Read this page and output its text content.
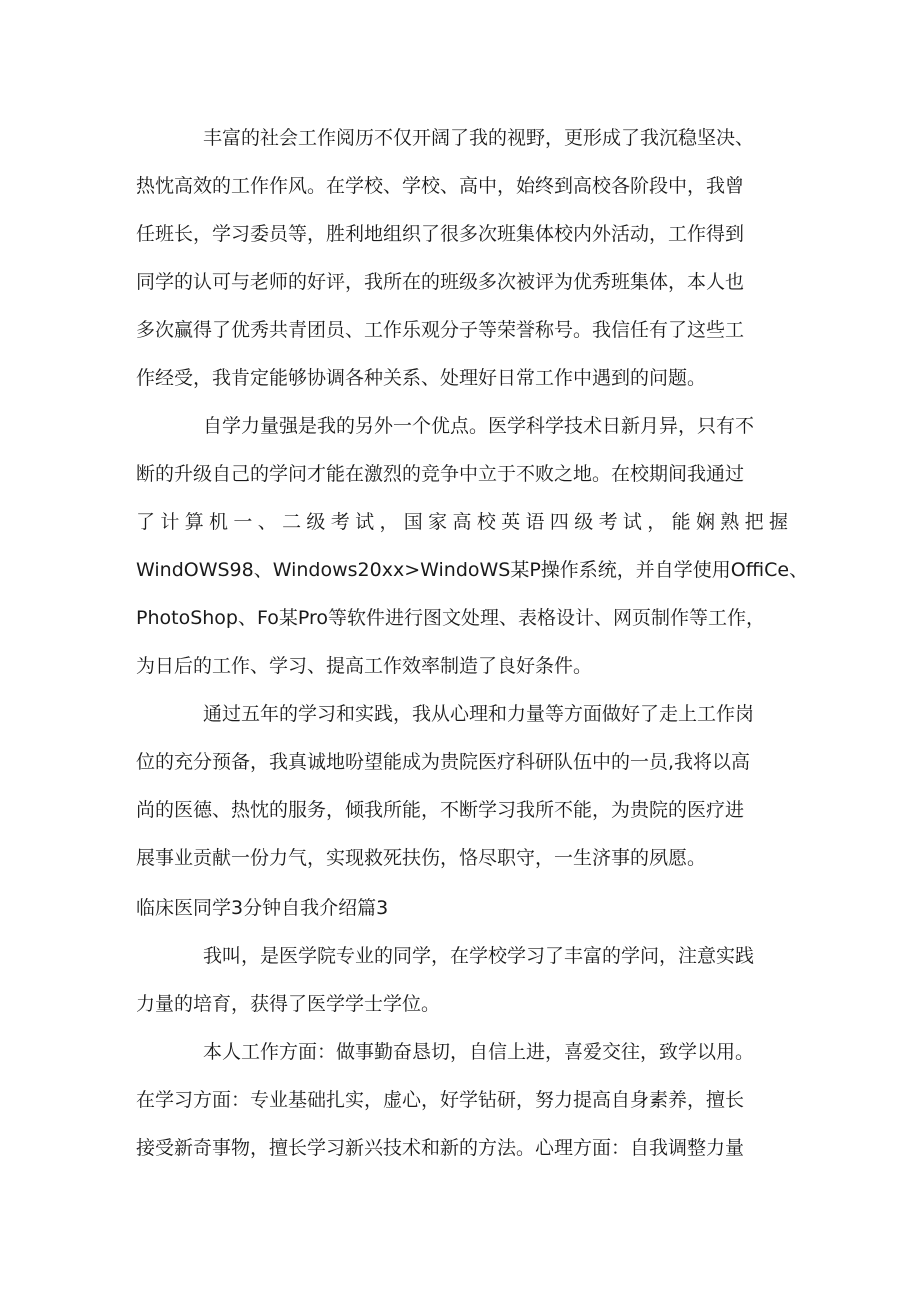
丰富的社会工作阅历不仅开阔了我的视野，更形成了我沉稳坚决、
热忱高效的工作作风。在学校、学校、高中，始终到高校各阶段中，我曾
任班长，学习委员等，胜利地组织了很多次班集体校内外活动，工作得到
同学的认可与老师的好评，我所在的班级多次被评为优秀班集体，本人也
多次赢得了优秀共青团员、工作乐观分子等荣誉称号。我信任有了这些工
作经受，我肯定能够协调各种关系、处理好日常工作中遇到的问题。
自学力量强是我的另外一个优点。医学科学技术日新月异，只有不
断的升级自己的学问才能在激烈的竞争中立于不败之地。在校期间我通过
了计算机一、二级考试，国家高校英语四级考试，能娴熟把握
WindOWS98、Windows20xx>WindoWS某P操作系统，并自学使用OffiCe、
PhotoShop、Fo某Pro等软件进行图文处理、表格设计、网页制作等工作，
为日后的工作、学习、提高工作效率制造了良好条件。
通过五年的学习和实践，我从心理和力量等方面做好了走上工作岗
位的充分预备，我真诚地吩望能成为贵院医疗科研队伍中的一员,我将以高
尚的医德、热忱的服务，倾我所能，不断学习我所不能，为贵院的医疗进
展事业贡献一份力气，实现救死扶伤，恪尽职守，一生济事的夙愿。
临床医同学3分钟自我介绍篇3
我叫，是医学院专业的同学，在学校学习了丰富的学问，注意实践
力量的培育，获得了医学学士学位。
本人工作方面：做事勤奋恳切，自信上进，喜爱交往，致学以用。
在学习方面：专业基础扎实，虚心，好学钻研，努力提高自身素养，擅长
接受新奇事物，擅长学习新兴技术和新的方法。心理方面：自我调整力量
